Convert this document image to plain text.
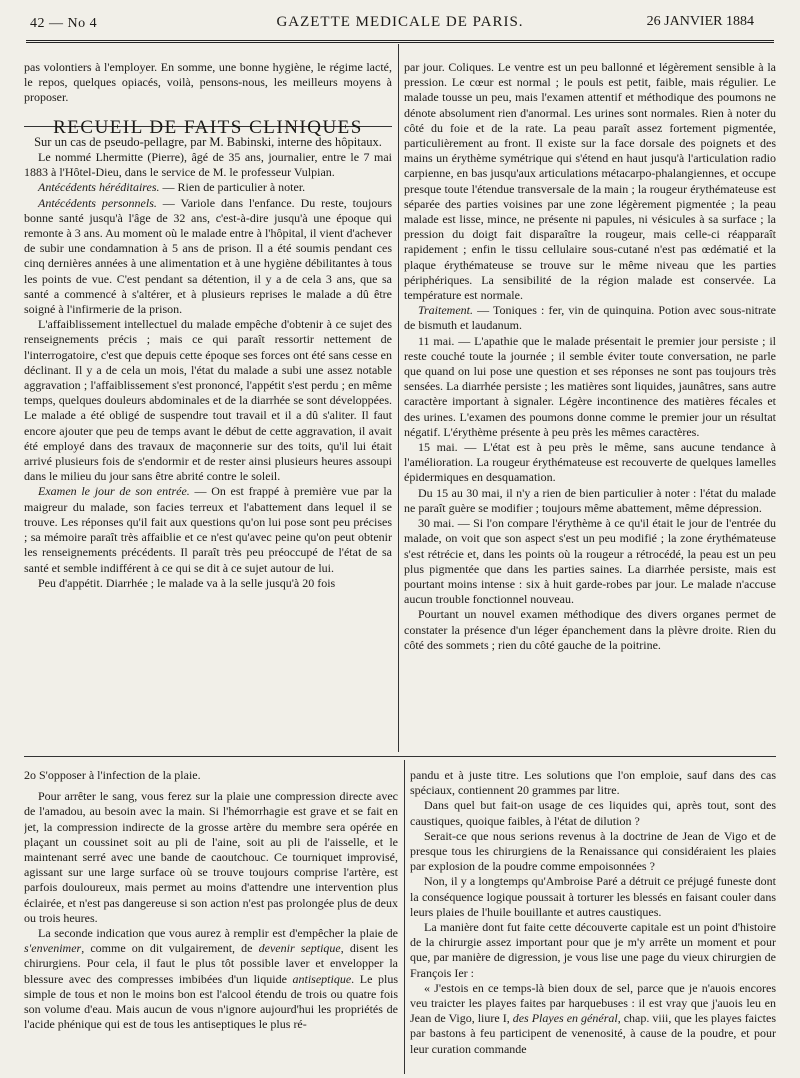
42 — No 4	GAZETTE MEDICALE DE PARIS.	26 JANVIER 1884

pas volontiers à l'employer. En somme, une bonne hygiène, le régime lacté, le repos, quelques opiacés, voilà, pensons-nous, les meilleurs moyens à proposer.

RECUEIL DE FAITS CLINIQUES

Sur un cas de pseudo-pellagre, par M. Babinski, interne des hôpitaux.

Le nommé Lhermitte (Pierre), âgé de 35 ans, journalier, entre le 7 mai 1883 à l'Hôtel-Dieu, dans le service de M. le professeur Vulpian.

Antécédents héréditaires. — Rien de particulier à noter.

Antécédents personnels. — Variole dans l'enfance. Du reste, toujours bonne santé jusqu'à l'âge de 32 ans, c'est-à-dire jusqu'à une époque qui remonte à 3 ans. Au moment où le malade entre à l'hôpital, il vient d'achever de subir une condamnation à 5 ans de prison. Il a été soumis pendant ces cinq dernières années à une alimentation et à une hygiène débilitantes à tous les points de vue. C'est pendant sa détention, il y a de cela 3 ans, que sa santé a commencé à s'altérer, et à plusieurs reprises le malade a dû être soigné à l'infirmerie de la prison.

L'affaiblissement intellectuel du malade empêche d'obtenir à ce sujet des renseignements précis ; mais ce qui paraît ressortir nettement de l'interrogatoire, c'est que depuis cette époque ses forces ont été sans cesse en déclinant. Il y a de cela un mois, l'état du malade a subi une assez notable aggravation ; l'affaiblissement s'est prononcé, l'appétit s'est perdu ; en même temps, quelques douleurs abdominales et de la diarrhée se sont développées. Le malade a été obligé de suspendre tout travail et il a dû s'aliter. Il faut encore ajouter que peu de temps avant le début de cette aggravation, il avait été employé dans des travaux de maçonnerie sur des toits, qu'il lui était arrivé plusieurs fois de s'endormir et de rester ainsi plusieurs heures assoupi dans le milieu du jour sans être abrité contre le soleil.

Examen le jour de son entrée. — On est frappé à première vue par la maigreur du malade, son facies terreux et l'abattement dans lequel il se trouve. Les réponses qu'il fait aux questions qu'on lui pose sont peu précises ; sa mémoire paraît très affaiblie et ce n'est qu'avec peine qu'on peut obtenir les renseignements précédents. Il paraît très peu préoccupé de l'état de sa santé et semble indifférent à ce qui se dit à ce sujet autour de lui.

Peu d'appétit. Diarrhée ; le malade va à la selle jusqu'à 20 fois

par jour. Coliques. Le ventre est un peu ballonné et légèrement sensible à la pression. Le cœur est normal ; le pouls est petit, faible, mais régulier. Le malade tousse un peu, mais l'examen attentif et méthodique des poumons ne dénote absolument rien d'anormal. Les urines sont normales. Rien à noter du côté du foie et de la rate. La peau paraît assez fortement pigmentée, particulièrement au front. Il existe sur la face dorsale des poignets et des mains un érythème symétrique qui s'étend en haut jusqu'à l'articulation radio carpienne, en bas jusqu'aux articulations métacarpo-phalangiennes, et occupe presque toute l'étendue transversale de la main ; la rougeur érythémateuse est séparée des parties voisines par une zone légèrement pigmentée ; la peau malade est lisse, mince, ne présente ni papules, ni vésicules à sa surface ; la pression du doigt fait disparaître la rougeur, mais celle-ci réapparaît rapidement ; enfin le tissu cellulaire sous-cutané n'est pas œdématié et la plaque érythémateuse se trouve sur le même niveau que les parties périphériques. La sensibilité de la région malade est conservée. La température est normale.

Traitement. — Toniques : fer, vin de quinquina. Potion avec sous-nitrate de bismuth et laudanum.

11 mai. — L'apathie que le malade présentait le premier jour persiste ; il reste couché toute la journée ; il semble éviter toute conversation, ne parle que quand on lui pose une question et ses réponses ne sont pas toujours très sensées. La diarrhée persiste ; les matières sont liquides, jaunâtres, sans autre caractère important à signaler. Légère incontinence des matières fécales et des urines. L'examen des poumons donne comme le premier jour un résultat négatif. L'érythème présente à peu près les mêmes caractères.

15 mai. — L'état est à peu près le même, sans aucune tendance à l'amélioration. La rougeur érythémateuse est recouverte de quelques lamelles épidermiques en desquamation.

Du 15 au 30 mai, il n'y a rien de bien particulier à noter : l'état du malade ne paraît guère se modifier ; toujours même abattement, même dépression.

30 mai. — Si l'on compare l'érythème à ce qu'il était le jour de l'entrée du malade, on voit que son aspect s'est un peu modifié ; la zone érythémateuse s'est rétrécie et, dans les points où la rougeur a rétrocédé, la peau est un peu plus pigmentée que dans les parties saines. La diarrhée persiste, mais est pourtant moins intense : six à huit garde-robes par jour. Le malade n'accuse aucun trouble fonctionnel nouveau.

Pourtant un nouvel examen méthodique des divers organes permet de constater la présence d'un léger épanchement dans la plèvre droite. Rien du côté des sommets ; rien du côté gauche de la poitrine.

2o S'opposer à l'infection de la plaie.

Pour arrêter le sang, vous ferez sur la plaie une compression directe avec de l'amadou, au besoin avec la main. Si l'hémorrhagie est grave et se fait en jet, la compression indirecte de la grosse artère du membre sera opérée en plaçant un coussinet soit au pli de l'aine, soit au pli de l'aisselle, et le maintenant serré avec une bande de caoutchouc. Ce tourniquet improvisé, agissant sur une large surface où se trouve toujours comprise l'artère, est parfois douloureux, mais permet au moins d'attendre une intervention plus éclairée, et n'est pas dangereuse si son action n'est pas prolongée plus de deux ou trois heures.

La seconde indication que vous aurez à remplir est d'empêcher la plaie de s'envenimer, comme on dit vulgairement, de devenir septique, disent les chirurgiens. Pour cela, il faut le plus tôt possible laver et envelopper la blessure avec des compresses imbibées d'un liquide antiseptique. Le plus simple de tous et non le moins bon est l'alcool étendu de trois ou quatre fois son volume d'eau. Mais aucun de vous n'ignore aujourd'hui les propriétés de l'acide phénique qui est de tous les antiseptiques le plus ré-

pandu et à juste titre. Les solutions que l'on emploie, sauf dans des cas spéciaux, contiennent 20 grammes par litre.

Dans quel but fait-on usage de ces liquides qui, après tout, sont des caustiques, quoique faibles, à l'état de dilution ?

Serait-ce que nous serions revenus à la doctrine de Jean de Vigo et de presque tous les chirurgiens de la Renaissance qui considéraient les plaies par explosion de la poudre comme empoisonnées ?

Non, il y a longtemps qu'Ambroise Paré a détruit ce préjugé funeste dont la conséquence logique poussait à torturer les blessés en faisant couler dans leurs plaies de l'huile bouillante et autres caustiques.

La manière dont fut faite cette découverte capitale est un point d'histoire de la chirurgie assez important pour que je m'y arrête un moment et pour que, par manière de digression, je vous lise une page du vieux chirurgien de François Ier :

« J'estois en ce temps-là bien doux de sel, parce que je n'auois encores veu traicter les playes faites par harquebuses : il est vray que j'auois leu en Jean de Vigo, liure I, des Playes en général, chap. viii, que les playes faictes par bastons à feu participent de venenosité, à cause de la poudre, et pour leur curation commande
